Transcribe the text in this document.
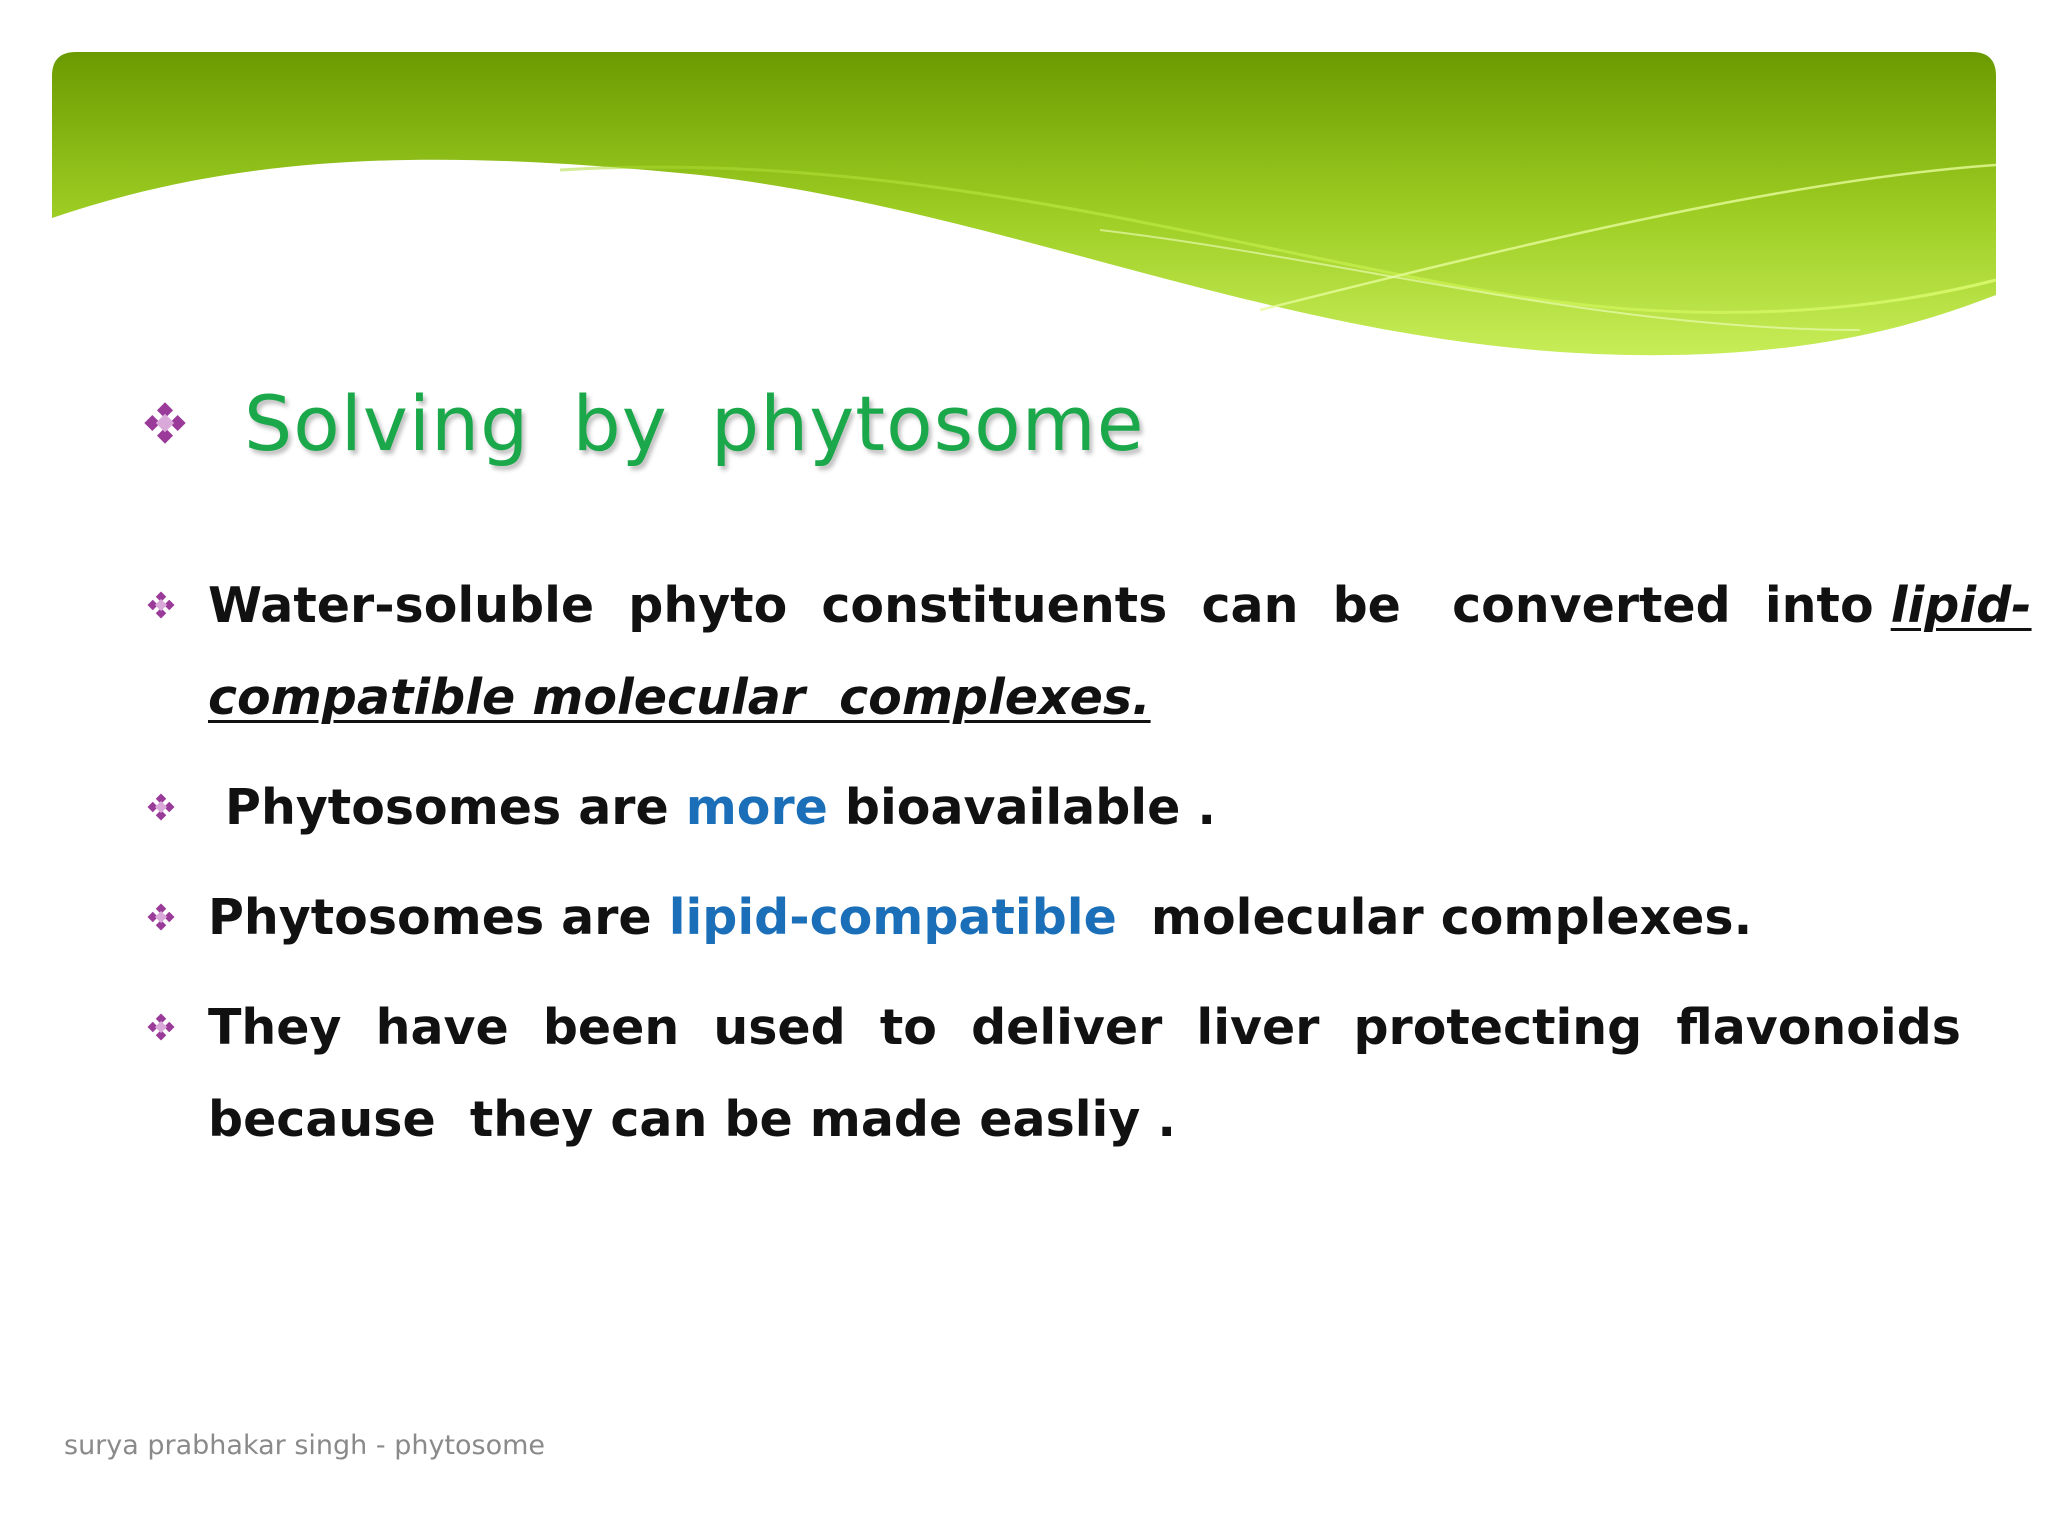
Solving by phytosome
Water-soluble  phyto  constituents  can  be   converted  into lipid-
compatible molecular  complexes.
Phytosomes are more bioavailable .
Phytosomes are lipid-compatible  molecular complexes.
They  have  been  used  to  deliver  liver  protecting  flavonoids
because  they can be made easliy .
surya prabhakar singh - phytosome
